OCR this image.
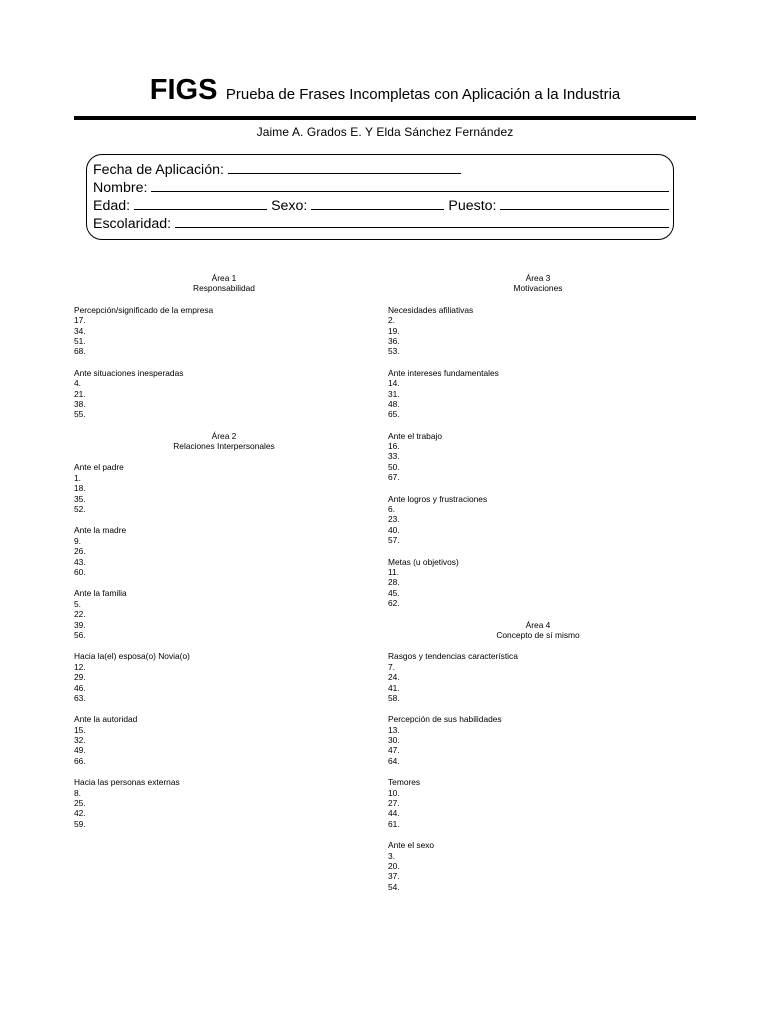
FIGS Prueba de Frases Incompletas con Aplicación a la Industria
Jaime A. Grados E. Y Elda Sánchez Fernández
Fecha de Aplicación:
Nombre:
Edad:	Sexo:	Puesto:
Escolaridad:
Área 1
Responsabilidad
Percepción/significado de la empresa
17.
34.
51.
68.
Ante situaciones inesperadas
4.
21.
38.
55.
Área 2
Relaciones Interpersonales
Ante el padre
1.
18.
35.
52.
Ante la madre
9.
26.
43.
60.
Ante la familia
5.
22.
39.
56.
Hacia la(el) esposa(o) Novia(o)
12.
29.
46.
63.
Ante la autoridad
15.
32.
49.
66.
Hacia las personas externas
8.
25.
42.
59.
Área 3
Motivaciones
Necesidades afiliativas
2.
19.
36.
53.
Ante intereses fundamentales
14.
31.
48.
65.
Ante el trabajo
16.
33.
50.
67.
Ante logros y frustraciones
6.
23.
40.
57.
Metas (u objetivos)
11.
28.
45.
62.
Área 4
Concepto de sí mismo
Rasgos y tendencias característica
7.
24.
41.
58.
Percepción de sus habilidades
13.
30.
47.
64.
Temores
10.
27.
44.
61.
Ante el sexo
3.
20.
37.
54.
